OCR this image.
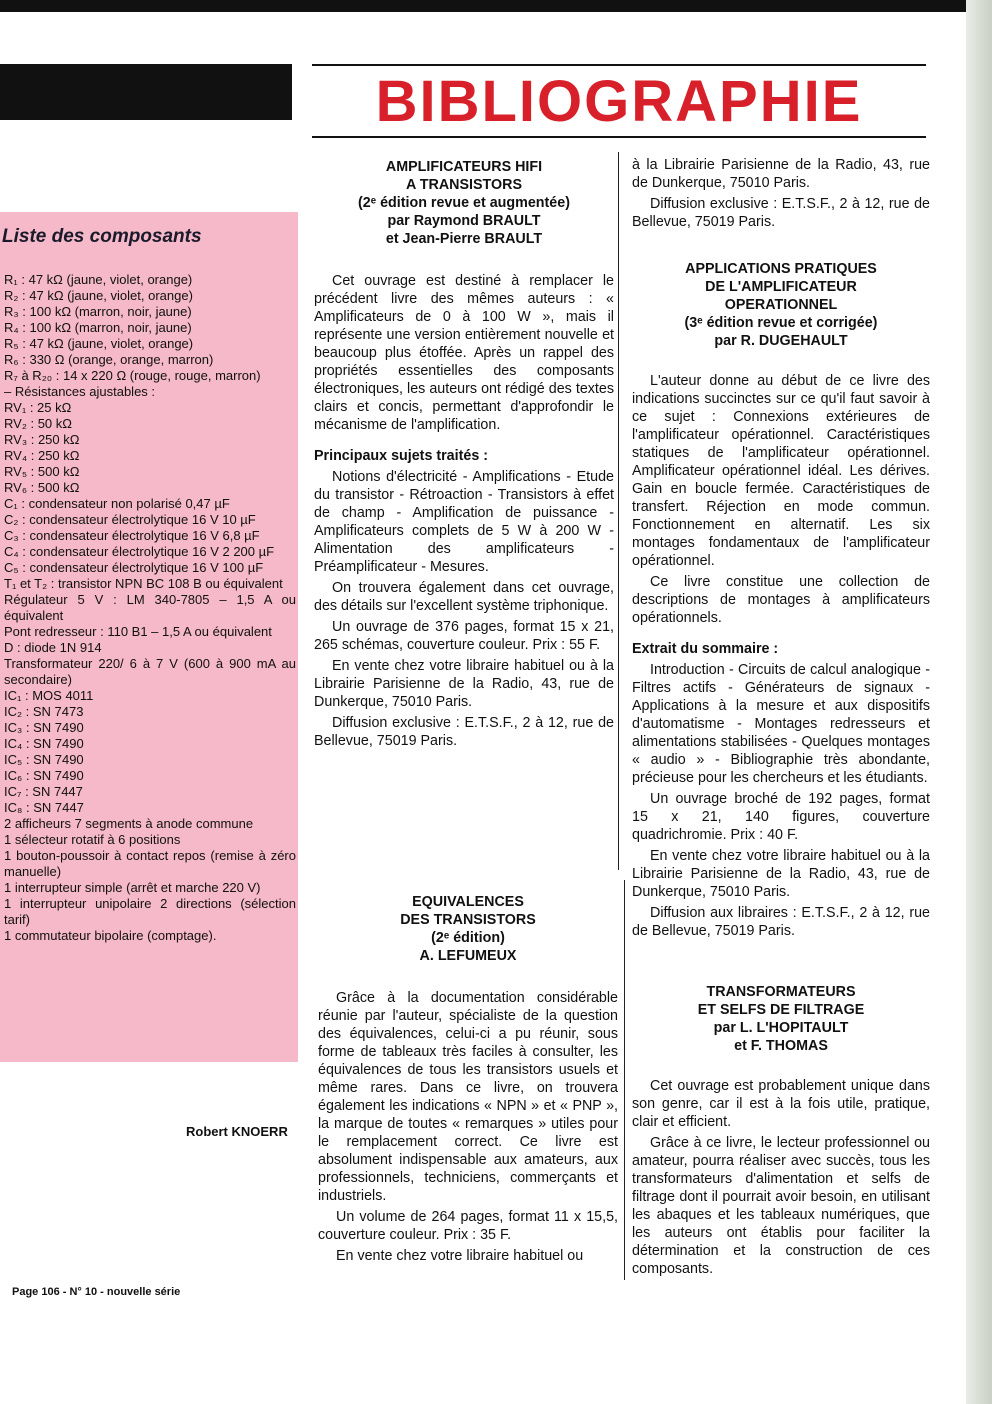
BIBLIOGRAPHIE
Liste des composants
R₁ : 47 kΩ (jaune, violet, orange)
R₂ : 47 kΩ (jaune, violet, orange)
R₃ : 100 kΩ (marron, noir, jaune)
R₄ : 100 kΩ (marron, noir, jaune)
R₅ : 47 kΩ (jaune, violet, orange)
R₆ : 330 Ω (orange, orange, marron)
R₇ à R₂₀ : 14 x 220 Ω (rouge, rouge, marron)
– Résistances ajustables :
RV₁ : 25 kΩ
RV₂ : 50 kΩ
RV₃ : 250 kΩ
RV₄ : 250 kΩ
RV₅ : 500 kΩ
RV₆ : 500 kΩ
C₁ : condensateur non polarisé 0,47 µF
C₂ : condensateur électrolytique 16 V 10 µF
C₃ : condensateur électrolytique 16 V 6,8 µF
C₄ : condensateur électrolytique 16 V 2 200 µF
C₅ : condensateur électrolytique 16 V 100 µF
T₁ et T₂ : transistor NPN BC 108 B ou équivalent
Régulateur 5 V : LM 340-7805 – 1,5 A ou équivalent
Pont redresseur : 110 B1 – 1,5 A ou équivalent
D : diode 1N 914
Transformateur 220/ 6 à 7 V (600 à 900 mA au secondaire)
IC₁ : MOS 4011
IC₂ : SN 7473
IC₃ : SN 7490
IC₄ : SN 7490
IC₅ : SN 7490
IC₆ : SN 7490
IC₇ : SN 7447
IC₈ : SN 7447
2 afficheurs 7 segments à anode commune
1 sélecteur rotatif à 6 positions
1 bouton-poussoir à contact repos (remise à zéro manuelle)
1 interrupteur simple (arrêt et marche 220 V)
1 interrupteur unipolaire 2 directions (sélection tarif)
1 commutateur bipolaire (comptage).
Robert KNOERR
Page 106 - N° 10 - nouvelle série
AMPLIFICATEURS HIFI
A TRANSISTORS
(2ᵉ édition revue et augmentée)
par Raymond BRAULT
et Jean-Pierre BRAULT

Cet ouvrage est destiné à remplacer le précédent livre des mêmes auteurs : « Amplificateurs de 0 à 100 W », mais il représente une version entièrement nouvelle et beaucoup plus étoffée. Après un rappel des propriétés essentielles des composants électroniques, les auteurs ont rédigé des textes clairs et concis, permettant d'approfondir le mécanisme de l'amplification.

Principaux sujets traités :

Notions d'électricité - Amplifications - Etude du transistor - Rétroaction - Transistors à effet de champ - Amplification de puissance - Amplificateurs complets de 5 W à 200 W - Alimentation des amplificateurs - Préamplificateur - Mesures.

On trouvera également dans cet ouvrage, des détails sur l'excellent système triphonique.

Un ouvrage de 376 pages, format 15 x 21, 265 schémas, couverture couleur. Prix : 55 F.

En vente chez votre libraire habituel ou à la Librairie Parisienne de la Radio, 43, rue de Dunkerque, 75010 Paris.

Diffusion exclusive : E.T.S.F., 2 à 12, rue de Bellevue, 75019 Paris.

EQUIVALENCES
DES TRANSISTORS
(2ᵉ édition)
A. LEFUMEUX

Grâce à la documentation considérable réunie par l'auteur, spécialiste de la question des équivalences, celui-ci a pu réunir, sous forme de tableaux très faciles à consulter, les équivalences de tous les transistors usuels et même rares. Dans ce livre, on trouvera également les indications « NPN » et « PNP », la marque de toutes « remarques » utiles pour le remplacement correct. Ce livre est absolument indispensable aux amateurs, aux professionnels, techniciens, commerçants et industriels.

Un volume de 264 pages, format 11 x 15,5, couverture couleur. Prix : 35 F.

En vente chez votre libraire habituel ou

à la Librairie Parisienne de la Radio, 43, rue de Dunkerque, 75010 Paris.

Diffusion exclusive : E.T.S.F., 2 à 12, rue de Bellevue, 75019 Paris.

APPLICATIONS PRATIQUES
DE L'AMPLIFICATEUR
OPERATIONNEL
(3ᵉ édition revue et corrigée)
par R. DUGEHAULT

L'auteur donne au début de ce livre des indications succinctes sur ce qu'il faut savoir à ce sujet : Connexions extérieures de l'amplificateur opérationnel. Caractéristiques statiques de l'amplificateur opérationnel. Amplificateur opérationnel idéal. Les dérives. Gain en boucle fermée. Caractéristiques de transfert. Réjection en mode commun. Fonctionnement en alternatif. Les six montages fondamentaux de l'amplificateur opérationnel.

Ce livre constitue une collection de descriptions de montages à amplificateurs opérationnels.

Extrait du sommaire :

Introduction - Circuits de calcul analogique - Filtres actifs - Générateurs de signaux - Applications à la mesure et aux dispositifs d'automatisme - Montages redresseurs et alimentations stabilisées - Quelques montages « audio » - Bibliographie très abondante, précieuse pour les chercheurs et les étudiants.

Un ouvrage broché de 192 pages, format 15 x 21, 140 figures, couverture quadrichromie. Prix : 40 F.

En vente chez votre libraire habituel ou à la Librairie Parisienne de la Radio, 43, rue de Dunkerque, 75010 Paris.

Diffusion aux libraires : E.T.S.F., 2 à 12, rue de Bellevue, 75019 Paris.

TRANSFORMATEURS
ET SELFS DE FILTRAGE
par L. L'HOPITAULT
et F. THOMAS

Cet ouvrage est probablement unique dans son genre, car il est à la fois utile, pratique, clair et efficient.

Grâce à ce livre, le lecteur professionnel ou amateur, pourra réaliser avec succès, tous les transformateurs d'alimentation et selfs de filtrage dont il pourrait avoir besoin, en utilisant les abaques et les tableaux numériques, que les auteurs ont établis pour faciliter la détermination et la construction de ces composants.
